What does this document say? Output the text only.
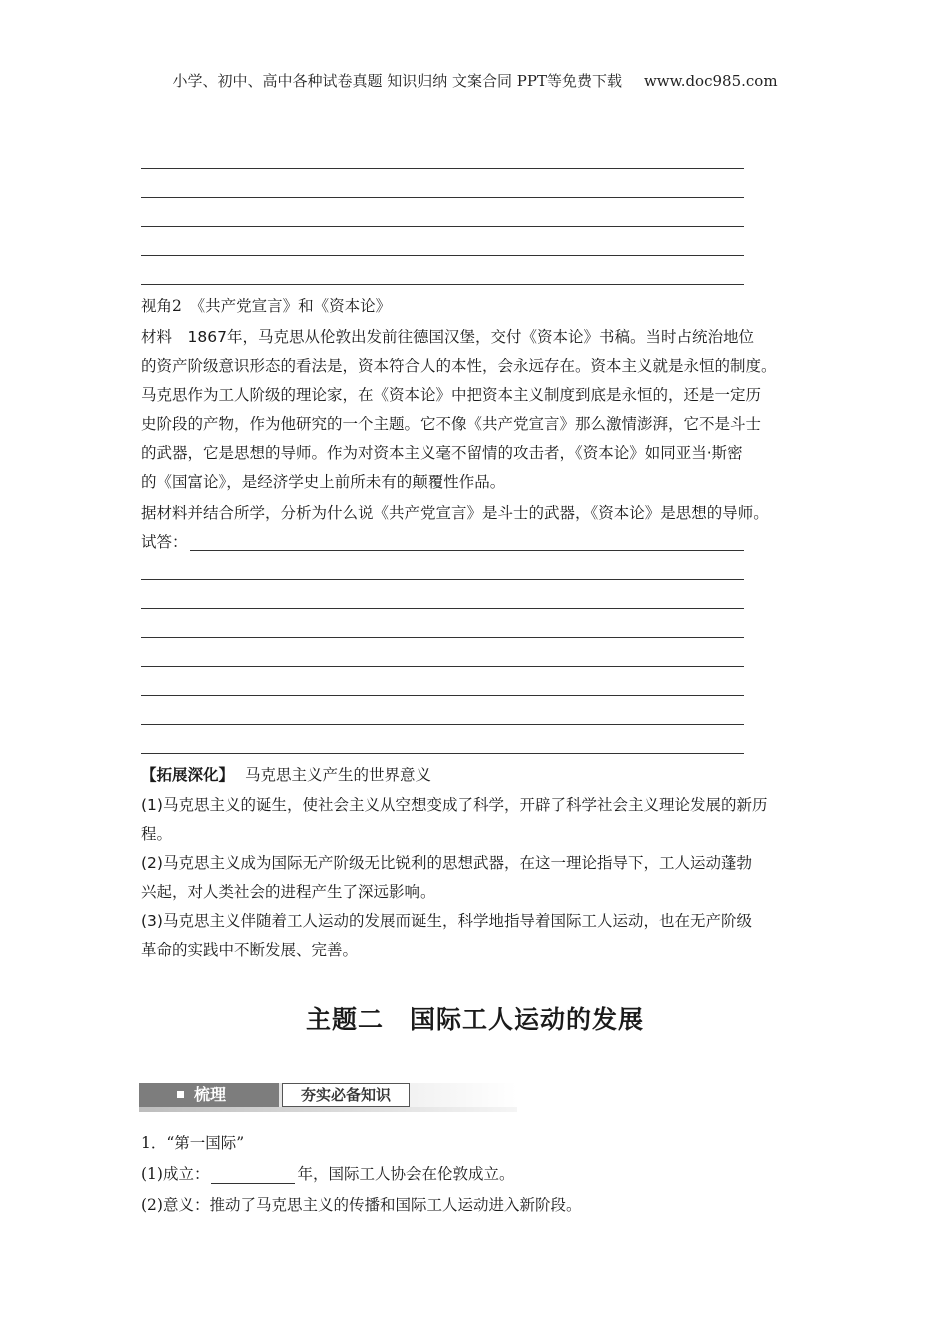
小学、初中、高中各种试卷真题 知识归纳 文案合同 PPT等免费下载 www.doc985.com
视角2　《共产党宣言》和《资本论》
材料　1867年，马克思从伦敦出发前往德国汉堡，交付《资本论》书稿。当时占统治地位
的资产阶级意识形态的看法是，资本符合人的本性，会永远存在。资本主义就是永恒的制度。
马克思作为工人阶级的理论家，在《资本论》中把资本主义制度到底是永恒的，还是一定历
史阶段的产物，作为他研究的一个主题。它不像《共产党宣言》那么激情澎湃，它不是斗士
的武器，它是思想的导师。作为对资本主义毫不留情的攻击者，《资本论》如同亚当·斯密
的《国富论》，是经济学史上前所未有的颠覆性作品。
据材料并结合所学，分析为什么说《共产党宣言》是斗士的武器，《资本论》是思想的导师。
试答：
【拓展深化】 马克思主义产生的世界意义
(1)马克思主义的诞生，使社会主义从空想变成了科学，开辟了科学社会主义理论发展的新历
程。
(2)马克思主义成为国际无产阶级无比锐利的思想武器，在这一理论指导下，工人运动蓬勃
兴起，对人类社会的进程产生了深远影响。
(3)马克思主义伴随着工人运动的发展而诞生，科学地指导着国际工人运动，也在无产阶级
革命的实践中不断发展、完善。
主题二　国际工人运动的发展
梳理	夯实必备知识
1．“第一国际”
(1)成立：	年，国际工人协会在伦敦成立。
(2)意义：推动了马克思主义的传播和国际工人运动进入新阶段。
